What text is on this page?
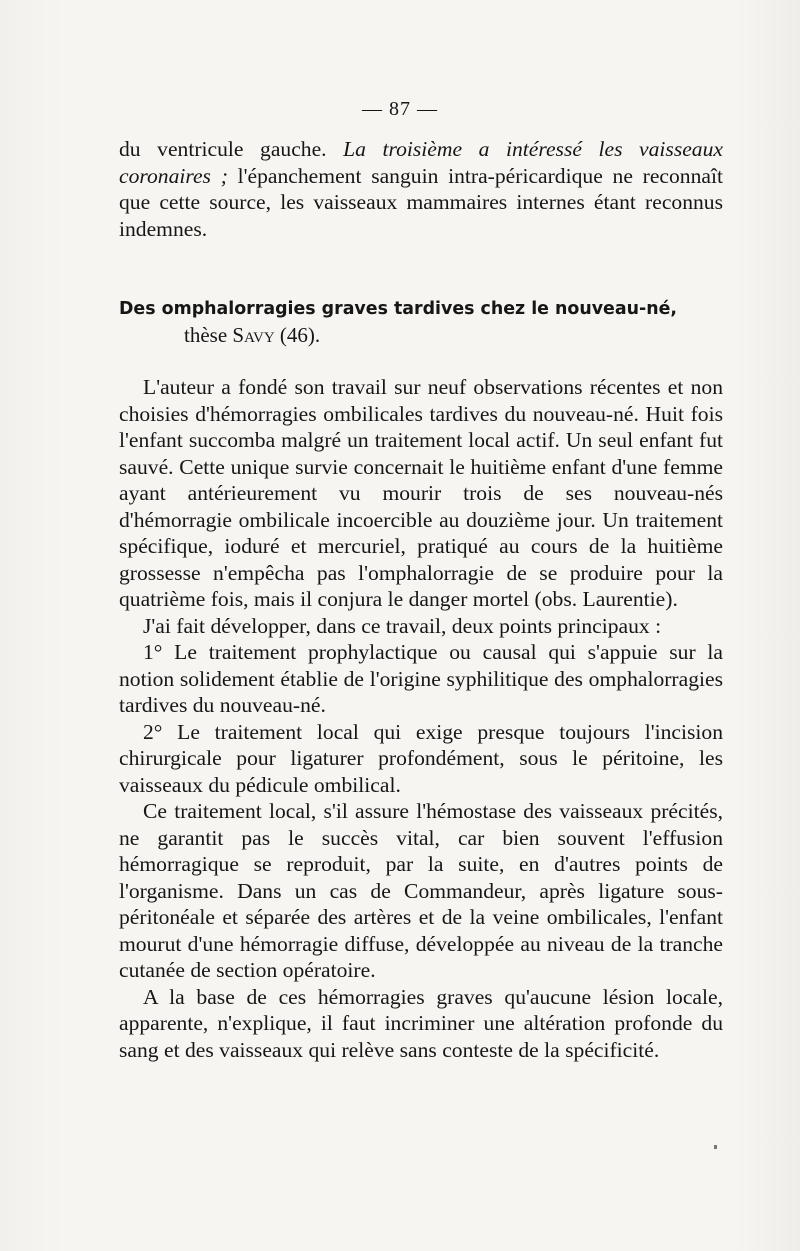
— 87 —

du ventricule gauche. La troisième a intéressé les vaisseaux coronaires ; l'épanchement sanguin intra-péricardique ne reconnaît que cette source, les vaisseaux mammaires internes étant reconnus indemnes.

Des omphalorragies graves tardives chez le nouveau-né,
thèse Savy (46).

L'auteur a fondé son travail sur neuf observations récentes et non choisies d'hémorragies ombilicales tardives du nouveau-né. Huit fois l'enfant succomba malgré un traitement local actif. Un seul enfant fut sauvé. Cette unique survie concernait le huitième enfant d'une femme ayant antérieurement vu mourir trois de ses nouveau-nés d'hémorragie ombilicale incoercible au douzième jour. Un traitement spécifique, ioduré et mercuriel, pratiqué au cours de la huitième grossesse n'empêcha pas l'omphalorragie de se produire pour la quatrième fois, mais il conjura le danger mortel (obs. Laurentie).

J'ai fait développer, dans ce travail, deux points principaux :

1° Le traitement prophylactique ou causal qui s'appuie sur la notion solidement établie de l'origine syphilitique des omphalorragies tardives du nouveau-né.

2° Le traitement local qui exige presque toujours l'incision chirurgicale pour ligaturer profondément, sous le péritoine, les vaisseaux du pédicule ombilical.

Ce traitement local, s'il assure l'hémostase des vaisseaux précités, ne garantit pas le succès vital, car bien souvent l'effusion hémorragique se reproduit, par la suite, en d'autres points de l'organisme. Dans un cas de Commandeur, après ligature sous-péritonéale et séparée des artères et de la veine ombilicales, l'enfant mourut d'une hémorragie diffuse, développée au niveau de la tranche cutanée de section opératoire.

A la base de ces hémorragies graves qu'aucune lésion locale, apparente, n'explique, il faut incriminer une altération profonde du sang et des vaisseaux qui relève sans conteste de la spécificité.
